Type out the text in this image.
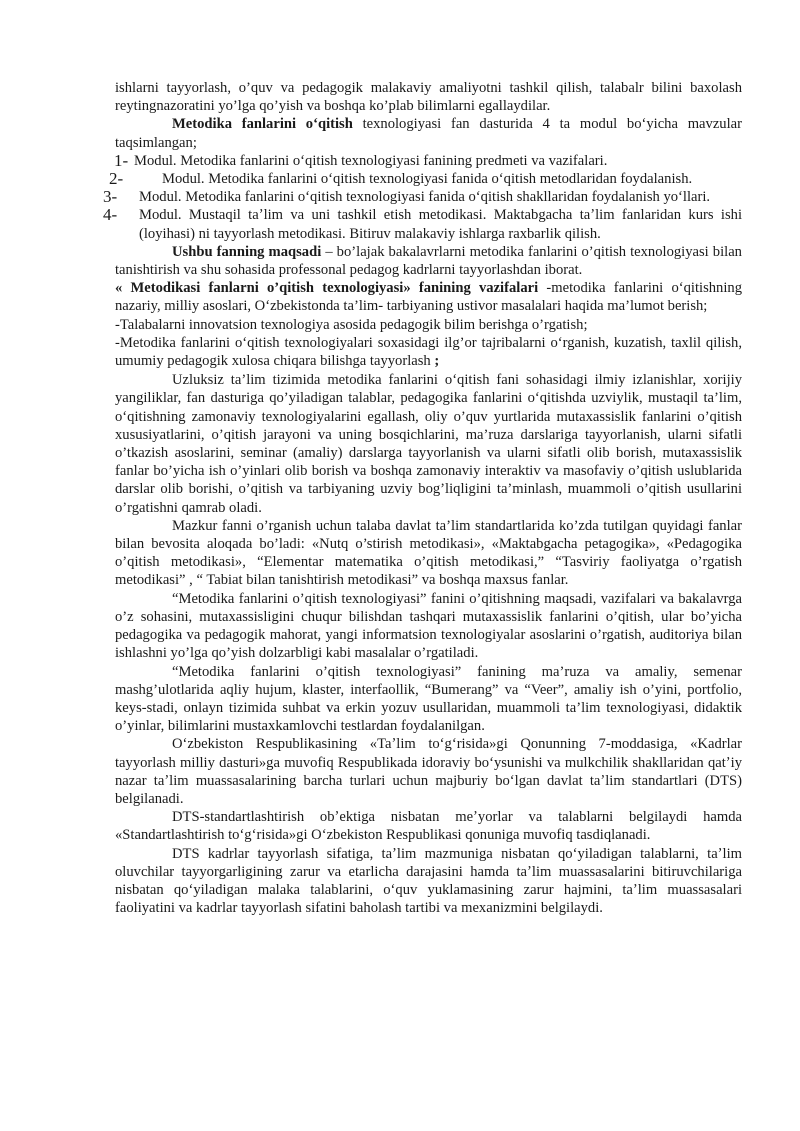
ishlarni tayyorlash, o’quv va pedagogik malakaviy amaliyotni tashkil qilish, talabalr bilini baxolash reytingnazoratini yo’lga qo’yish va boshqa ko’plab bilimlarni egallaydilar.

Metodika fanlarini oʻqitish texnologiyasi fan dasturida 4 ta modul boʻyicha mavzular taqsimlangan;

1- Modul. Metodika fanlarini oʻqitish texnologiyasi fanining predmeti va vazifalari.

2-	Modul. Metodika fanlarini oʻqitish texnologiyasi fanida oʻqitish metodlaridan foydalanish.

3- Modul. Metodika fanlarini oʻqitish texnologiyasi fanida oʻqitish shakllaridan foydalanish yoʻllari.

4- Modul. Mustaqil taʼlim va uni tashkil etish metodikasi. Maktabgacha taʼlim fanlaridan kurs ishi (loyihasi) ni tayyorlash metodikasi. Bitiruv malakaviy ishlarga raxbarlik qilish.

Ushbu fanning maqsadi – bo’lajak bakalavrlarni metodika fanlarini o’qitish texnologiyasi bilan tanishtirish va shu sohasida professonal pedagog kadrlarni tayyorlashdan iborat.

« Metodikasi fanlarni o’qitish texnologiyasi» fanining vazifalari -metodika fanlarini oʻqitishning nazariy, milliy asoslari, Oʻzbekistonda ta’lim- tarbiyaning ustivor masalalari haqida ma’lumot berish;

-Talabalarni innovatsion texnologiya asosida pedagogik bilim berishga o’rgatish;

-Metodika fanlarini oʻqitish texnologiyalari soxasidagi ilg’or tajribalarni oʻrganish, kuzatish, taxlil qilish, umumiy pedagogik xulosa chiqara bilishga tayyorlash ;

Uzluksiz ta’lim tizimida metodika fanlarini oʻqitish fani sohasidagi ilmiy izlanishlar, xorijiy yangiliklar, fan dasturiga qo’yiladigan talablar, pedagogika fanlarini oʻqitishda uzviylik, mustaqil ta’lim, oʻqitishning zamonaviy texnologiyalarini egallash, oliy o’quv yurtlarida mutaxassislik fanlarini o’qitish xususiyatlarini, o’qitish jarayoni va uning bosqichlarini, ma’ruza darslariga tayyorlanish, ularni sifatli o’tkazish asoslarini, seminar (amaliy) darslarga tayyorlanish va ularni sifatli olib borish, mutaxassislik fanlar bo’yicha ish o’yinlari olib borish va boshqa zamonaviy interaktiv va masofaviy o’qitish uslublarida darslar olib borishi, o’qitish va tarbiyaning uzviy bog’liqligini ta’minlash, muammoli o’qitish usullarini o’rgatishni qamrab oladi.

Mazkur fanni o’rganish uchun talaba davlat ta’lim standartlarida ko’zda tutilgan quyidagi fanlar bilan bevosita aloqada bo’ladi: «Nutq o’stirish metodikasi», «Maktabgacha petagogika», «Pedagogika o’qitish metodikasi», “Elementar matematika o’qitish metodikasi,” “Tasviriy faoliyatga o’rgatish metodikasi” , “ Tabiat bilan tanishtirish metodikasi” va boshqa maxsus fanlar.

“Metodika fanlarini o’qitish texnologiyasi” fanini o’qitishning maqsadi, vazifalari va bakalavrga o’z sohasini, mutaxassisligini chuqur bilishdan tashqari mutaxassislik fanlarini o’qitish, ular bo’yicha pedagogika va pedagogik mahorat, yangi informatsion texnologiyalar asoslarini o’rgatish, auditoriya bilan ishlashni yo’lga qo’yish dolzarbligi kabi masalalar o’rgatiladi.

“Metodika fanlarini o’qitish texnologiyasi” fanining ma’ruza va amaliy, semenar mashg’ulotlarida aqliy hujum, klaster, interfaollik, “Bumerang” va “Veer”, amaliy ish o’yini, portfolio, keys-stadi, onlayn tizimida suhbat va erkin yozuv usullaridan, muammoli ta’lim texnologiyasi, didaktik o’yinlar, bilimlarini mustaxkamlovchi testlardan foydalanilgan.

Oʻzbekiston Respublikasining «Taʼlim toʻgʻrisida»gi Qonunning 7-moddasiga, «Kadrlar tayyorlash milliy dasturi»ga muvofiq Respublikada idoraviy boʻysunishi va mulkchilik shakllaridan qatʼiy nazar taʼlim muassasalarining barcha turlari uchun majburiy boʻlgan davlat taʼlim standartlari (DTS) belgilanadi.

DTS-standartlashtirish obʼektiga nisbatan meʼyorlar va talablarni belgilaydi hamda «Standartlashtirish toʻgʻrisida»gi Oʻzbekiston Respublikasi qonuniga muvofiq tasdiqlanadi.

DTS kadrlar tayyorlash sifatiga, taʼlim mazmuniga nisbatan qoʻyiladigan talablarni, taʼlim oluvchilar tayyorgarligining zarur va etarlicha darajasini hamda taʼlim muassasalarini bitiruvchilariga nisbatan qoʻyiladigan malaka talablarini, oʻquv yuklamasining zarur hajmini, taʼlim muassasalari faoliyatini va kadrlar tayyorlash sifatini baholash tartibi va mexanizmini belgilaydi.
